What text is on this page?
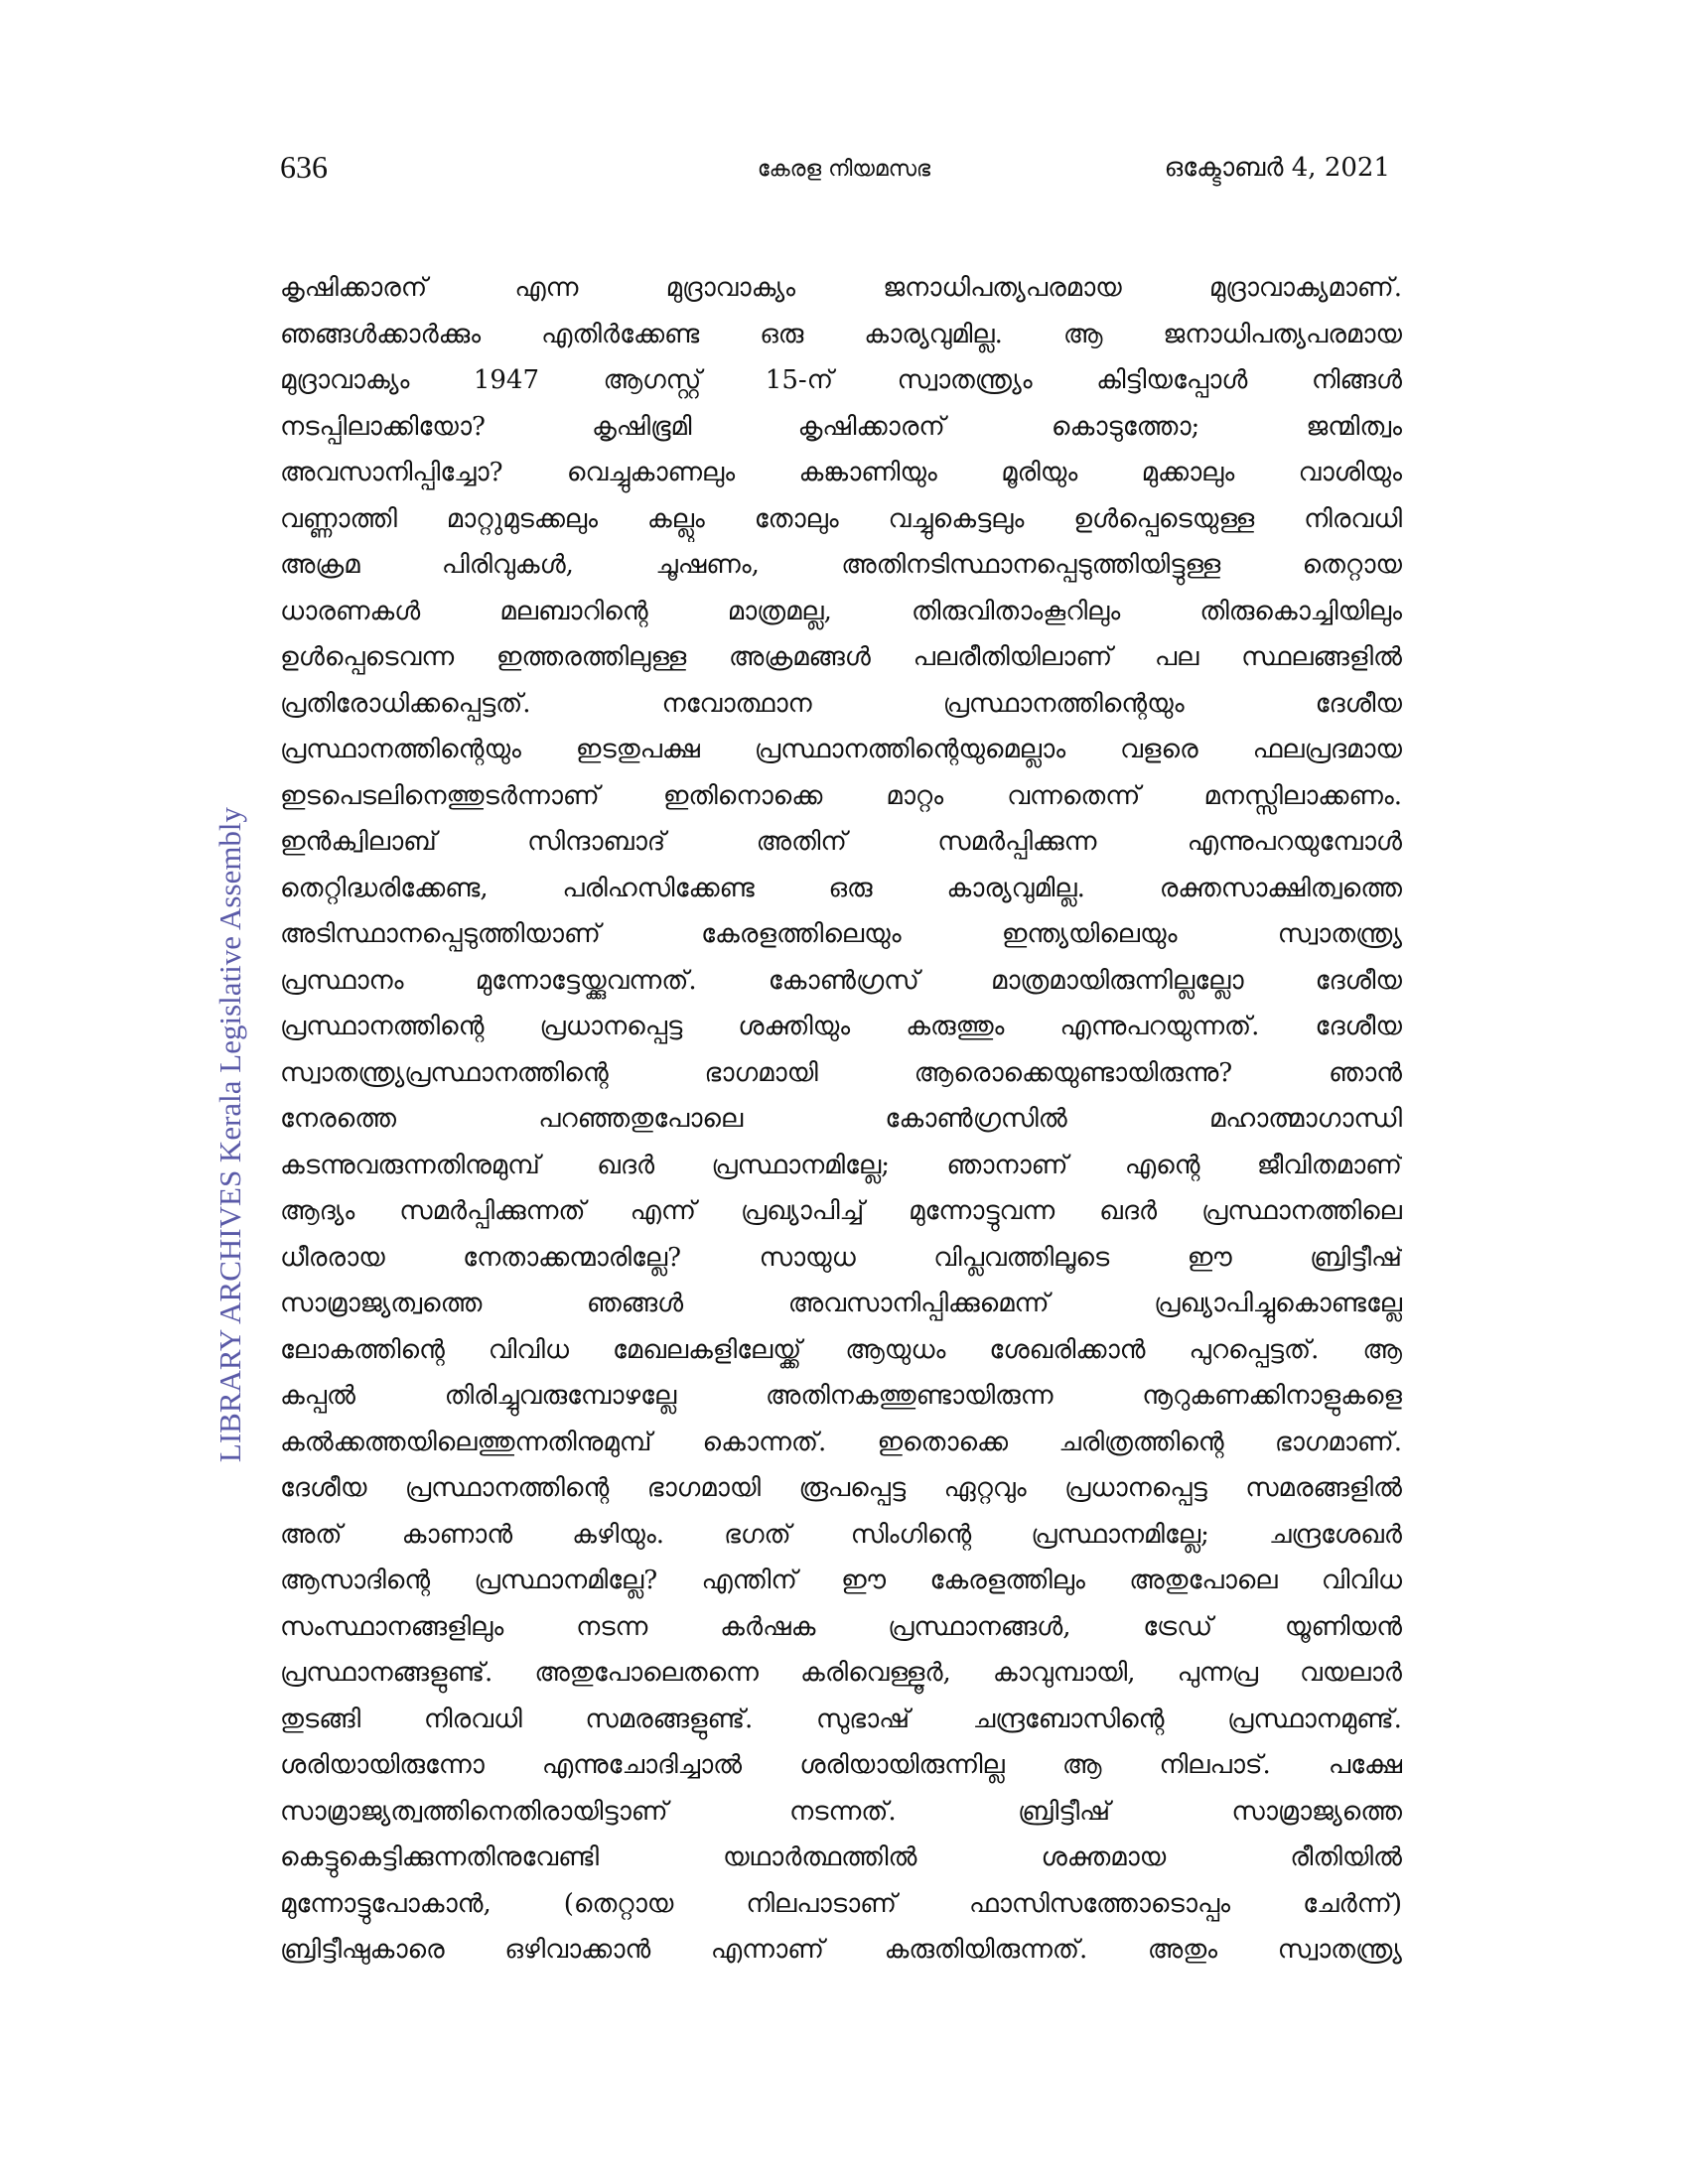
636	കേരള നിയമസഭ	ഒക്ടോബർ 4, 2021
LIBRARY ARCHIVES Kerala Legislative Assembly
കൃഷിക്കാരന്	എന്ന	മുദ്രാവാക്യം	ജനാധിപത്യപരമായ	മുദ്രാവാക്യമാണ്.
ഞങ്ങൾക്കാർക്കും എതിർക്കേണ്ട ഒരു കാര്യവുമില്ല. ആ ജനാധിപത്യപരമായ
മുദ്രാവാക്യം 1947 ആഗസ്റ്റ് 15-ന് സ്വാതന്ത്ര്യം കിട്ടിയപ്പോൾ നിങ്ങൾ
നടപ്പിലാക്കിയോ?	കൃഷിഭൂമി	കൃഷിക്കാരന്	കൊടുത്തോ;	ജന്മിത്വം
അവസാനിപ്പിച്ചോ? വെച്ചുകാണലും കങ്കാണിയും മൂരിയും മുക്കാലും വാശിയും
വണ്ണാത്തി മാറ്റുമുടക്കലും കല്ലും തോലും വച്ചുകെട്ടലും ഉൾപ്പെടെയുള്ള നിരവധി
അക്രമ	പിരിവുകൾ,	ചൂഷണം,	അതിനടിസ്ഥാനപ്പെടുത്തിയിട്ടുള്ള	തെറ്റായ
ധാരണകൾ	മലബാറിന്റെ	മാത്രമല്ല,	തിരുവിതാംകൂറിലും	തിരുകൊച്ചിയിലും
ഉൾപ്പെടെവന്ന ഇത്തരത്തിലുള്ള അക്രമങ്ങൾ പലരീതിയിലാണ് പല സ്ഥലങ്ങളിൽ
പ്രതിരോധിക്കപ്പെട്ടത്.	നവോത്ഥാന	പ്രസ്ഥാനത്തിന്റെയും	ദേശീയ
പ്രസ്ഥാനത്തിന്റെയും ഇടതുപക്ഷ പ്രസ്ഥാനത്തിന്റെയുമെല്ലാം വളരെ ഫലപ്രദമായ
ഇടപെടലിനെത്തുടർന്നാണ് ഇതിനൊക്കെ മാറ്റം വന്നതെന്ന് മനസ്സിലാക്കണം.
ഇൻക്വിലാബ്	സിന്ദാബാദ്	അതിന്	സമർപ്പിക്കുന്ന	എന്നുപറയുമ്പോൾ
തെറ്റിദ്ധരിക്കേണ്ട,	പരിഹസിക്കേണ്ട	ഒരു	കാര്യവുമില്ല.	രക്തസാക്ഷിത്വത്തെ
അടിസ്ഥാനപ്പെടുത്തിയാണ്	കേരളത്തിലെയും	ഇന്ത്യയിലെയും	സ്വാതന്ത്ര്യ
പ്രസ്ഥാനം	മുന്നോട്ടേയ്ക്കുവന്നത്.	കോൺഗ്രസ്	മാത്രമായിരുന്നില്ലല്ലോ	ദേശീയ
പ്രസ്ഥാനത്തിന്റെ പ്രധാനപ്പെട്ട ശക്തിയും കരുത്തും എന്നുപറയുന്നത്. ദേശീയ
സ്വാതന്ത്ര്യപ്രസ്ഥാനത്തിന്റെ	ഭാഗമായി	ആരൊക്കെയുണ്ടായിരുന്നു?	ഞാൻ
നേരത്തെ	പറഞ്ഞതുപോലെ	കോൺഗ്രസിൽ	മഹാത്മാഗാന്ധി
കടന്നുവരുന്നതിനുമുമ്പ് ഖദർ പ്രസ്ഥാനമില്ലേ; ഞാനാണ് എന്റെ ജീവിതമാണ്
ആദ്യം സമർപ്പിക്കുന്നത് എന്ന് പ്രഖ്യാപിച്ച് മുന്നോട്ടുവന്ന ഖദർ പ്രസ്ഥാനത്തിലെ
ധീരരായ	നേതാക്കന്മാരില്ലേ?	സായുധ	വിപ്ലവത്തിലൂടെ	ഈ	ബ്രിട്ടീഷ്
സാമ്രാജ്യത്വത്തെ	ഞങ്ങൾ	അവസാനിപ്പിക്കുമെന്ന്	പ്രഖ്യാപിച്ചുകൊണ്ടല്ലേ
ലോകത്തിന്റെ വിവിധ മേഖലകളിലേയ്ക്ക് ആയുധം ശേഖരിക്കാൻ പുറപ്പെട്ടത്. ആ
കപ്പൽ	തിരിച്ചുവരുമ്പോഴല്ലേ	അതിനകത്തുണ്ടായിരുന്ന	നൂറുകണക്കിനാളുകളെ
കൽക്കത്തയിലെത്തുന്നതിനുമുമ്പ് കൊന്നത്. ഇതൊക്കെ ചരിത്രത്തിന്റെ ഭാഗമാണ്.
ദേശീയ പ്രസ്ഥാനത്തിന്റെ ഭാഗമായി രൂപപ്പെട്ട ഏറ്റവും പ്രധാനപ്പെട്ട സമരങ്ങളിൽ
അത് കാണാൻ കഴിയും. ഭഗത് സിംഗിന്റെ പ്രസ്ഥാനമില്ലേ; ചന്ദ്രശേഖർ
ആസാദിന്റെ പ്രസ്ഥാനമില്ലേ? എന്തിന് ഈ കേരളത്തിലും അതുപോലെ വിവിധ
സംസ്ഥാനങ്ങളിലും	നടന്ന	കർഷക	പ്രസ്ഥാനങ്ങൾ,	ട്രേഡ്	യൂണിയൻ
പ്രസ്ഥാനങ്ങളുണ്ട്. അതുപോലെതന്നെ കരിവെള്ളൂർ, കാവുമ്പായി, പുന്നപ്ര വയലാർ
തുടങ്ങി നിരവധി സമരങ്ങളുണ്ട്. സുഭാഷ് ചന്ദ്രബോസിന്റെ പ്രസ്ഥാനമുണ്ട്.
ശരിയായിരുന്നോ എന്നുചോദിച്ചാൽ ശരിയായിരുന്നില്ല ആ നിലപാട്. പക്ഷേ
സാമ്രാജ്യത്വത്തിനെതിരായിട്ടാണ്	നടന്നത്.	ബ്രിട്ടീഷ്	സാമ്രാജ്യത്തെ
കെട്ടുകെട്ടിക്കുന്നതിനുവേണ്ടി	യഥാർത്ഥത്തിൽ	ശക്തമായ	രീതിയിൽ
മുന്നോട്ടുപോകാൻ,	(തെറ്റായ	നിലപാടാണ്	ഫാസിസത്തോടൊപ്പം	ചേർന്ന്)
ബ്രിട്ടീഷുകാരെ ഒഴിവാക്കാൻ എന്നാണ് കരുതിയിരുന്നത്. അതും സ്വാതന്ത്ര്യ
